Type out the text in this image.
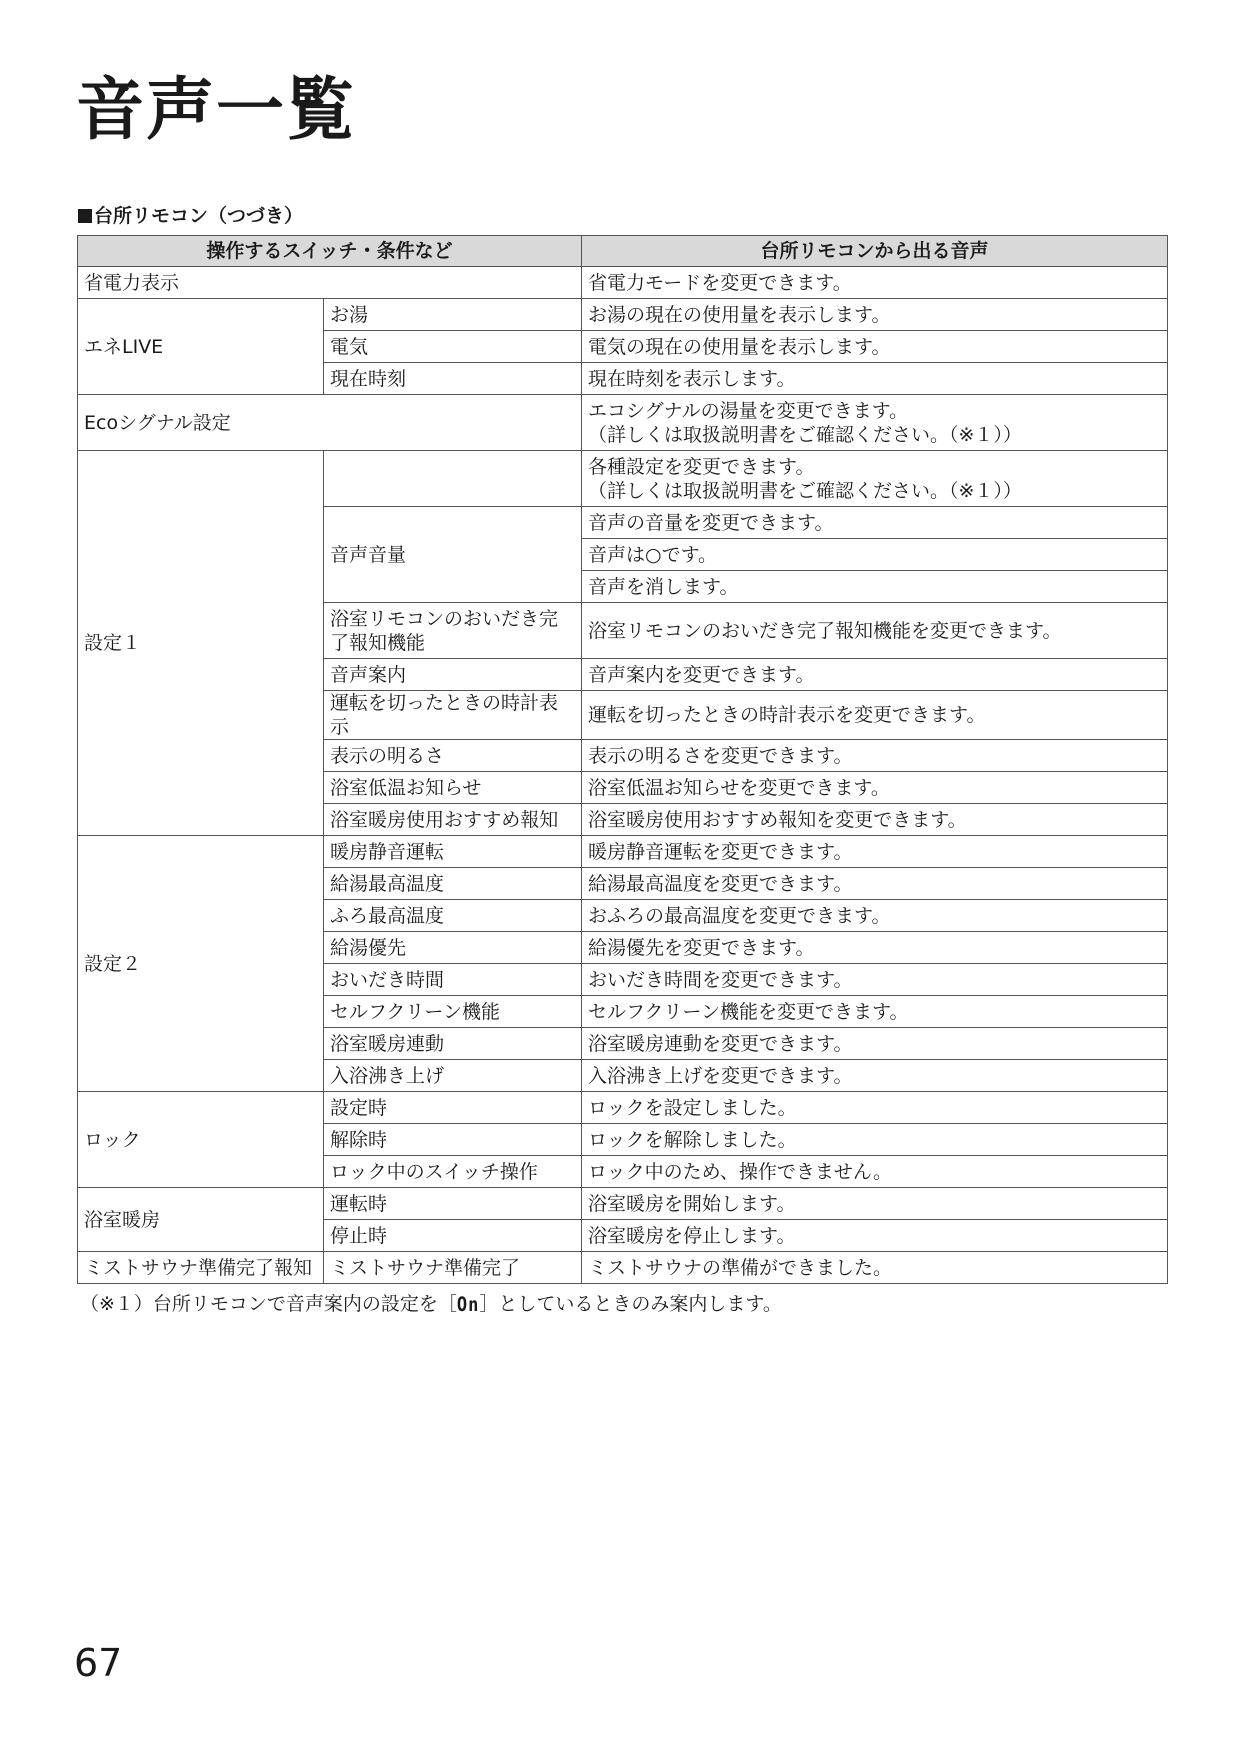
音声一覧
台所リモコン（つづき）
操作するスイッチ・条件など		台所リモコンから出る音声
省電力表示		省電力モードを変更できます。
エネLIVE	お湯	お湯の現在の使用量を表示します。
	電気	電気の現在の使用量を表示します。
	現在時刻	現在時刻を表示します。
Ecoシグナル設定		エコシグナルの湯量を変更できます。
（詳しくは取扱説明書をご確認ください。（※１））

設定１		各種設定を変更できます。
（詳しくは取扱説明書をご確認ください。（※１））

	音声音量	音声の音量を変更できます。
		音声は○です。
		音声を消します。
	浴室リモコンのおいだき完了報知機能	浴室リモコンのおいだき完了報知機能を変更できます。
	音声案内	音声案内を変更できます。
	運転を切ったときの時計表示	運転を切ったときの時計表示を変更できます。
	表示の明るさ	表示の明るさを変更できます。
	浴室低温お知らせ	浴室低温お知らせを変更できます。
	浴室暖房使用おすすめ報知	浴室暖房使用おすすめ報知を変更できます。
設定２	暖房静音運転	暖房静音運転を変更できます。
	給湯最高温度	給湯最高温度を変更できます。
	ふろ最高温度	おふろの最高温度を変更できます。
	給湯優先	給湯優先を変更できます。
	おいだき時間	おいだき時間を変更できます。
	セルフクリーン機能	セルフクリーン機能を変更できます。
	浴室暖房連動	浴室暖房連動を変更できます。
	入浴沸き上げ	入浴沸き上げを変更できます。
ロック	設定時	ロックを設定しました。
	解除時	ロックを解除しました。
	ロック中のスイッチ操作	ロック中のため、操作できません。
浴室暖房	運転時	浴室暖房を開始します。
	停止時	浴室暖房を停止します。
ミストサウナ準備完了報知	ミストサウナ準備完了	ミストサウナの準備ができました。
（※１）台所リモコンで音声案内の設定を［On］としているときのみ案内します。
67
